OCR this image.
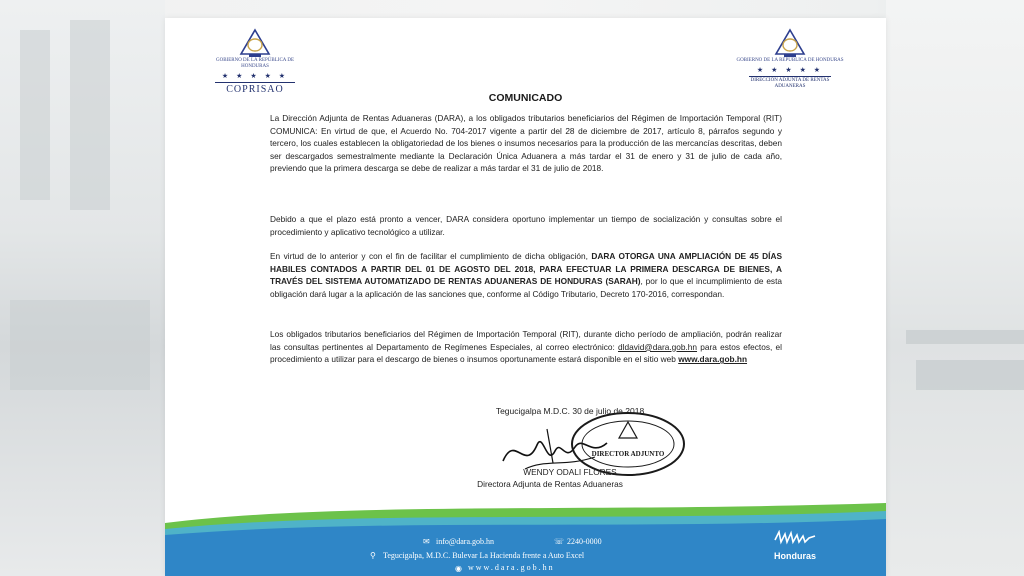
GOBIERNO DE LA REPÚBLICA DE HONDURAS
★ ★ ★ ★ ★
COPRISAO
GOBIERNO DE LA REPÚBLICA DE HONDURAS
★ ★ ★ ★ ★
DIRECCIÓN ADJUNTA DE RENTAS ADUANERAS
COMUNICADO
La Dirección Adjunta de Rentas Aduaneras (DARA), a los obligados tributarios beneficiarios del Régimen de Importación Temporal (RIT) COMUNICA: En virtud de que, el Acuerdo No. 704-2017 vigente a partir del 28 de diciembre de 2017, artículo 8, párrafos segundo y tercero, los cuales establecen la obligatoriedad de los bienes o insumos necesarios para la producción de las mercancías descritas, deben ser descargados semestralmente mediante la Declaración Única Aduanera a más tardar el 31 de enero y 31 de julio de cada año, previendo que la primera descarga se debe de realizar a más tardar el 31 de julio de 2018.
Debido a que el plazo está pronto a vencer, DARA considera oportuno implementar un tiempo de socialización y consultas sobre el procedimiento y aplicativo tecnológico a utilizar.
En virtud de lo anterior y con el fin de facilitar el cumplimiento de dicha obligación, DARA OTORGA UNA AMPLIACIÓN DE 45 DÍAS HABILES CONTADOS A PARTIR DEL 01 DE AGOSTO DEL 2018, PARA EFECTUAR LA PRIMERA DESCARGA DE BIENES, A TRAVÉS DEL SISTEMA AUTOMATIZADO DE RENTAS ADUANERAS DE HONDURAS (SARAH), por lo que el incumplimiento de esta obligación dará lugar a la aplicación de las sanciones que, conforme al Código Tributario, Decreto 170-2016, correspondan.
Los obligados tributarios beneficiarios del Régimen de Importación Temporal (RIT), durante dicho período de ampliación, podrán realizar las consultas pertinentes al Departamento de Regímenes Especiales, al correo electrónico: dldavid@dara.gob.hn para estos efectos, el procedimiento a utilizar para el descargo de bienes o insumos oportunamente estará disponible en el sitio web www.dara.gob.hn
Tegucigalpa M.D.C. 30 de julio de 2018
DIRECTOR ADJUNTO
WENDY ODALI FLORES
Directora Adjunta de Rentas Aduaneras
✉ info@dara.gob.hn	☏ 2240-0000
⚲ Tegucigalpa, M.D.C. Bulevar La Hacienda frente a Auto Excel
◉ www.dara.gob.hn
Honduras
